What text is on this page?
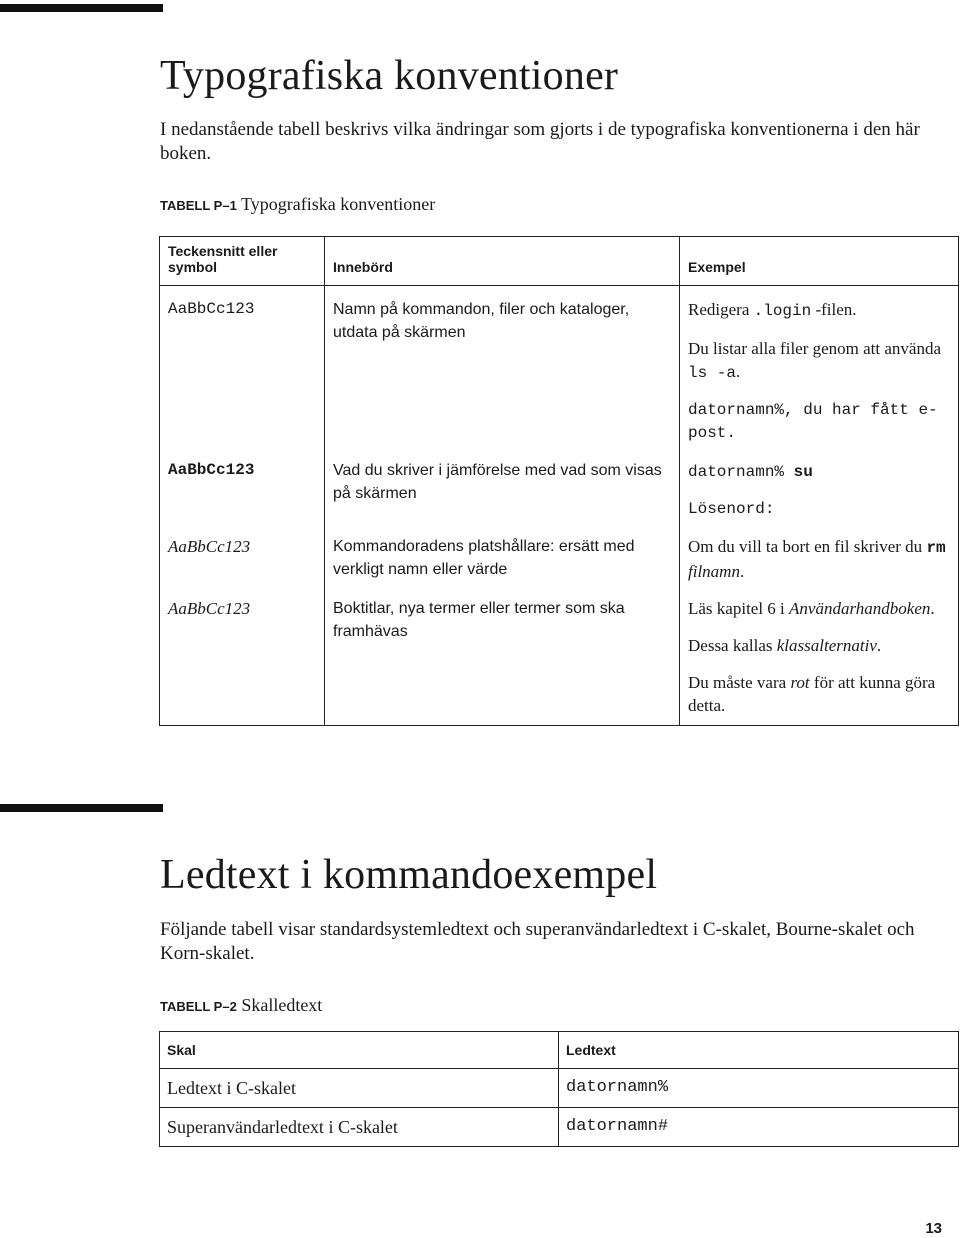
Typografiska konventioner

I nedanstående tabell beskrivs vilka ändringar som gjorts i de typografiska konventionerna i den här boken.

TABELL P–1 Typografiska konventioner

Teckensnitt eller symbol	Innebörd	Exempel
AaBbCc123	Namn på kommandon, filer och kataloger, utdata på skärmen	Redigera .login -filen.

Du listar alla filer genom att använda ls -a.

datornamn%, du har fått e-post.

AaBbCc123	Vad du skriver i jämförelse med vad som visas på skärmen	datornamn% su

Lösenord:

AaBbCc123	Kommandoradens platshållare: ersätt med verkligt namn eller värde	Om du vill ta bort en fil skriver du rm filnamn.

AaBbCc123	Boktitlar, nya termer eller termer som ska framhävas	Läs kapitel 6 i Användarhandboken.

Dessa kallas klassalternativ.

Du måste vara rot för att kunna göra detta.

Ledtext i kommandoexempel

Följande tabell visar standardsystemledtext och superanvändarledtext i C-skalet, Bourne-skalet och Korn-skalet.

TABELL P–2 Skalledtext

Skal	Ledtext
Ledtext i C-skalet	datornamn%
Superanvändarledtext i C-skalet	datornamn#
13
